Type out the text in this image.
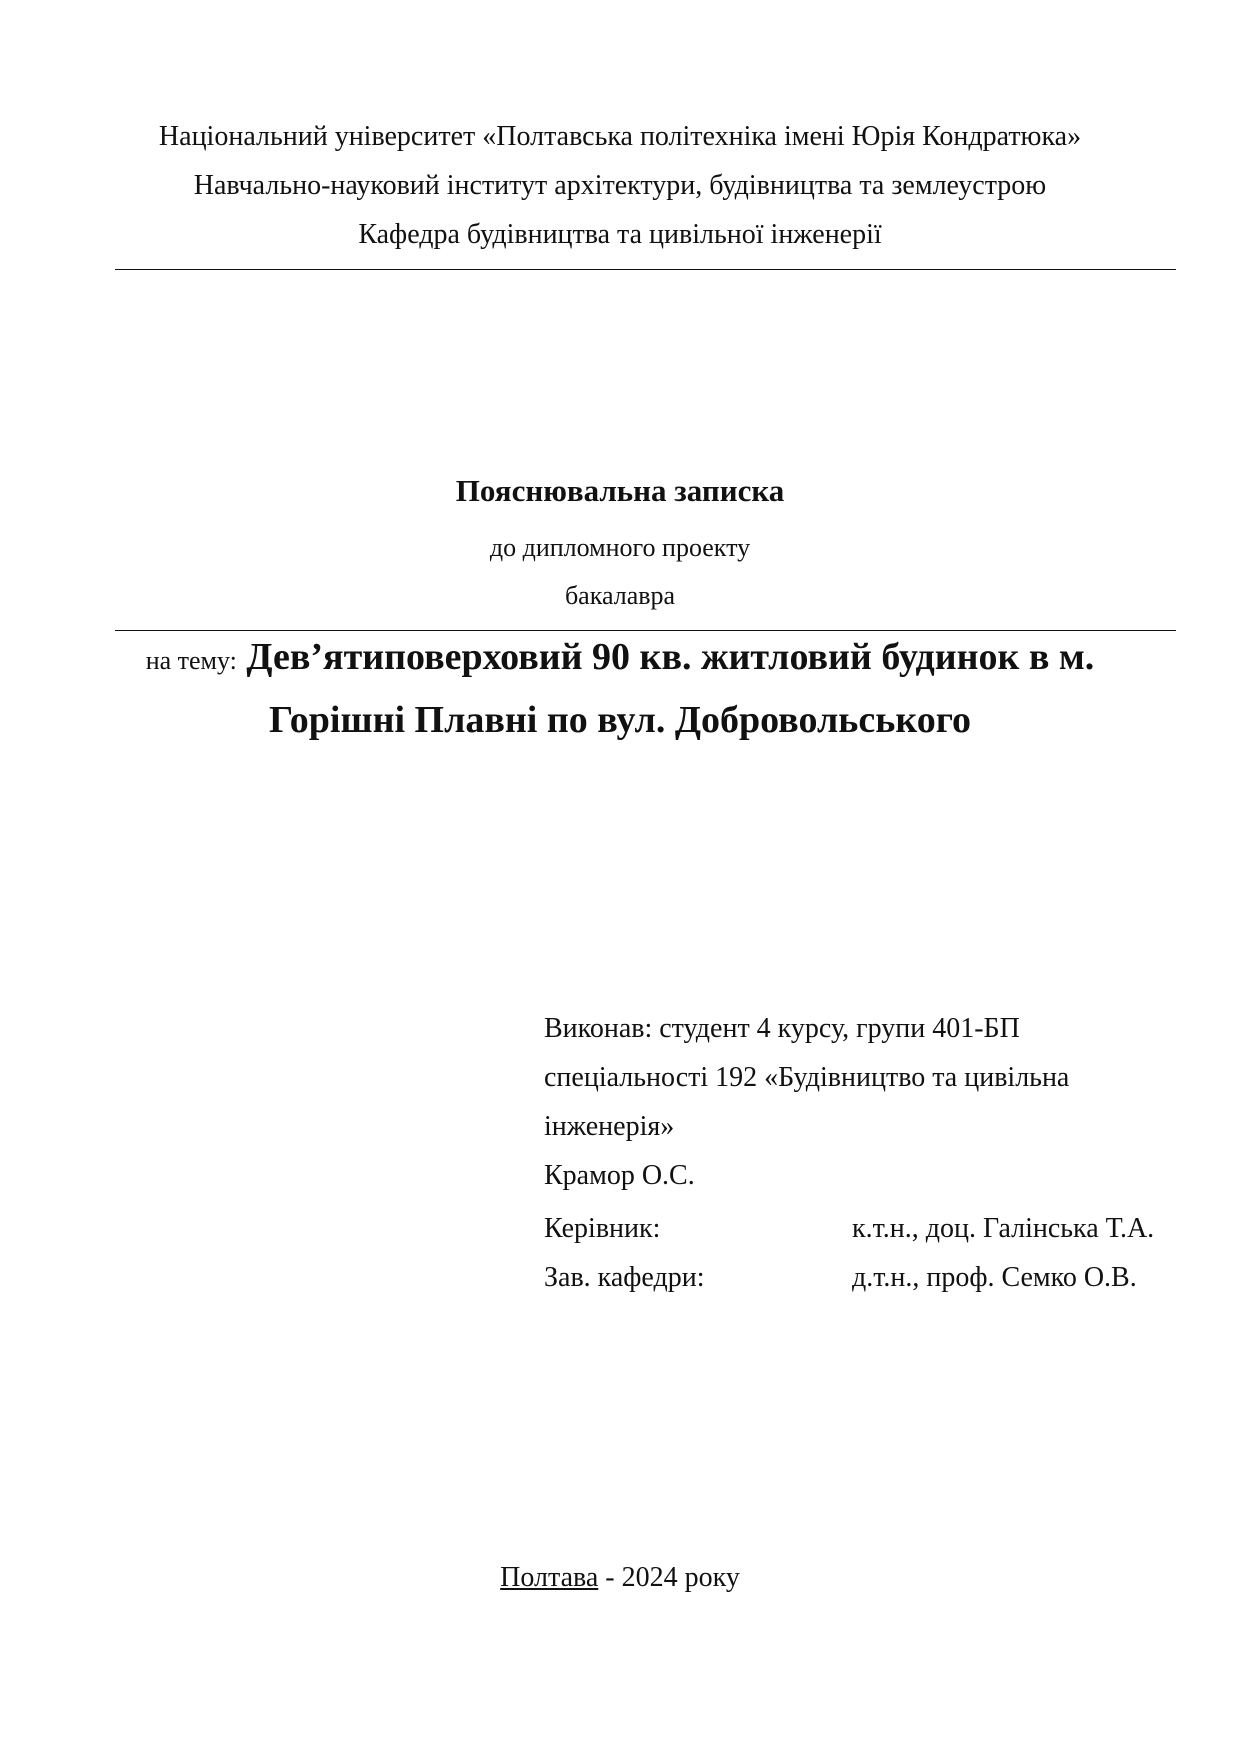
Національний університет «Полтавська політехніка імені Юрія Кондратюка»
Навчально-науковий інститут архітектури, будівництва та землеустрою
Кафедра будівництва та цивільної інженерії
Пояснювальна записка
до дипломного проекту
бакалавра
на тему: Дев’ятиповерховий 90 кв. житловий будинок в м.
Горішні Плавні по вул. Добровольського
Виконав: студент 4 курсу, групи 401-БП
спеціальності 192 «Будівництво та цивільна
інженерія»
Крамор О.С.
Керівник:	к.т.н., доц. Галінська Т.А.
Зав. кафедри:	д.т.н., проф. Семко О.В.
Полтава - 2024 року
